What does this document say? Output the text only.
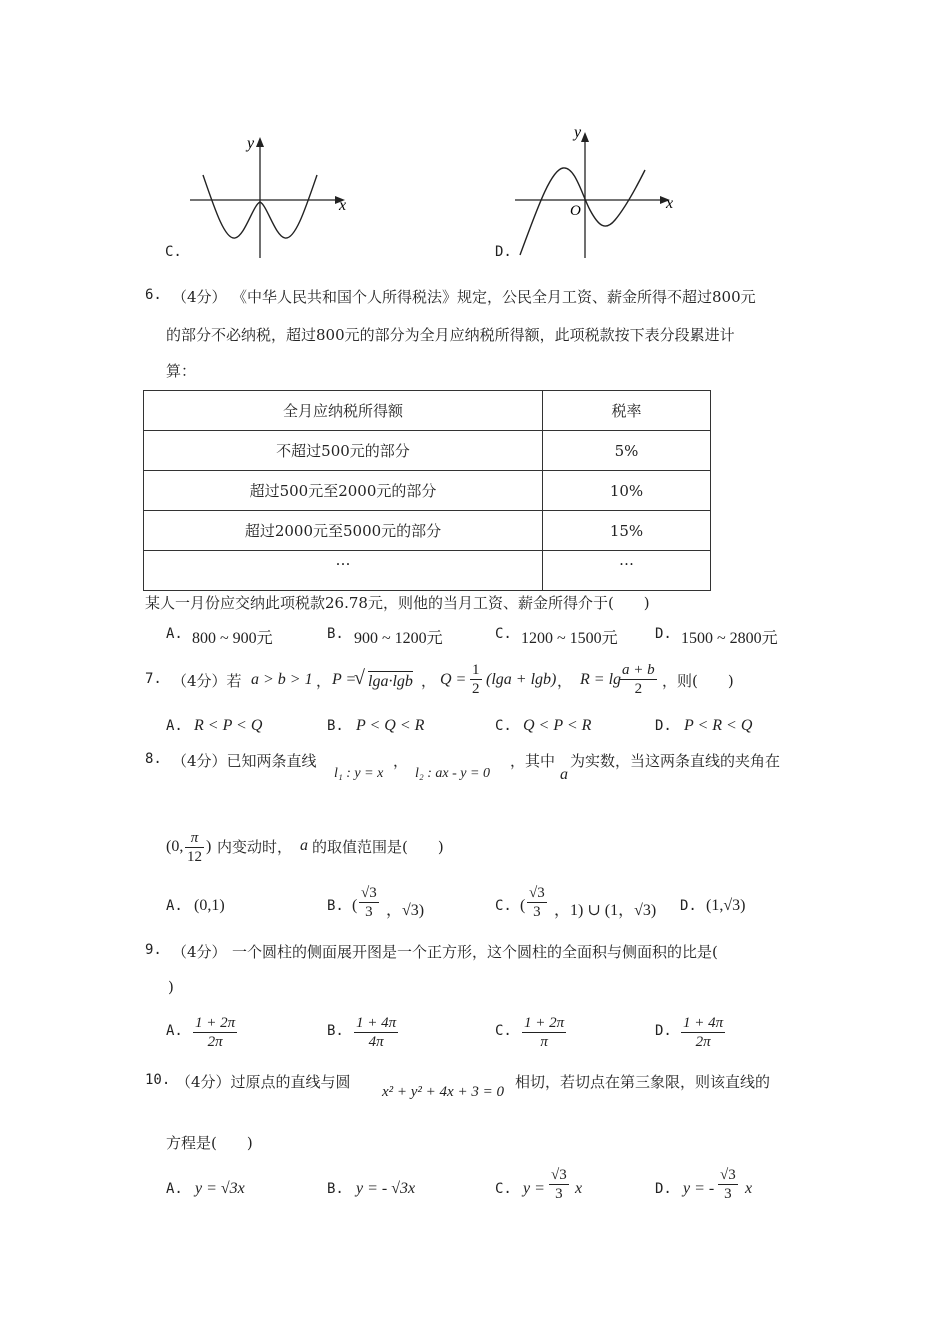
y
x
C.
y
x
O
D.
6. （4分） 《中华人民共和国个人所得税法》规定，公民全月工资、薪金所得不超过800元
的部分不必纳税，超过800元的部分为全月应纳税所得额，此项税款按下表分段累进计
算：
全月应纳税所得额	税率
不超过500元的部分	5%
超过500元至2000元的部分	10%
超过2000元至5000元的部分	15%
…	…
某人一月份应交纳此项税款26.78元，则他的当月工资、薪金所得介于(　　)
A. 800 ~ 900元	B. 900 ~ 1200元	C. 1200 ~ 1500元	D. 1500 ~ 2800元
7. （4分）若 a > b > 1 ， P =
√ lga·lgb ， $Q = \frac{1}{2} (\lg a + \lg b)$ ， R = lg
$\frac{a + b}{2}$ ，则(　　)
A. R < P < Q	B. P < Q < R	C. Q < P < R	D. P < R < Q
8. （4分）已知两条直线
l₁ : y = x
，
l₂ : ax - y = 0
，其中
a
为实数，当这两条直线的夹角在
(0, $\frac{\pi}{12}$ ) 内变动时， a 的取值范围是(　　)
A. (0,1)	B. ( $\frac{√3}{3}$ ，√3)	C. ( $\frac{√3}{3}$ ，1) ∪ (1，√3) D. (1,√3)
9. （4分） 一个圆柱的侧面展开图是一个正方形，这个圆柱的全面积与侧面积的比是(
)
A. $\frac{1 + 2\pi}{2\pi}$	B. $\frac{1 + 4\pi}{4\pi}$	C. $\frac{1 + 2\pi}{\pi}$	D. $\frac{1 + 4\pi}{2\pi}$
10. （4分）过原点的直线与圆
x² + y² + 4x + 3 = 0
相切，若切点在第三象限，则该直线的
方程是(　　)
A. y = √3x	B. y = - √3x	C. $y = \frac{√3}{3}$ x	D. y = - $\frac{√3}{3}$ x
